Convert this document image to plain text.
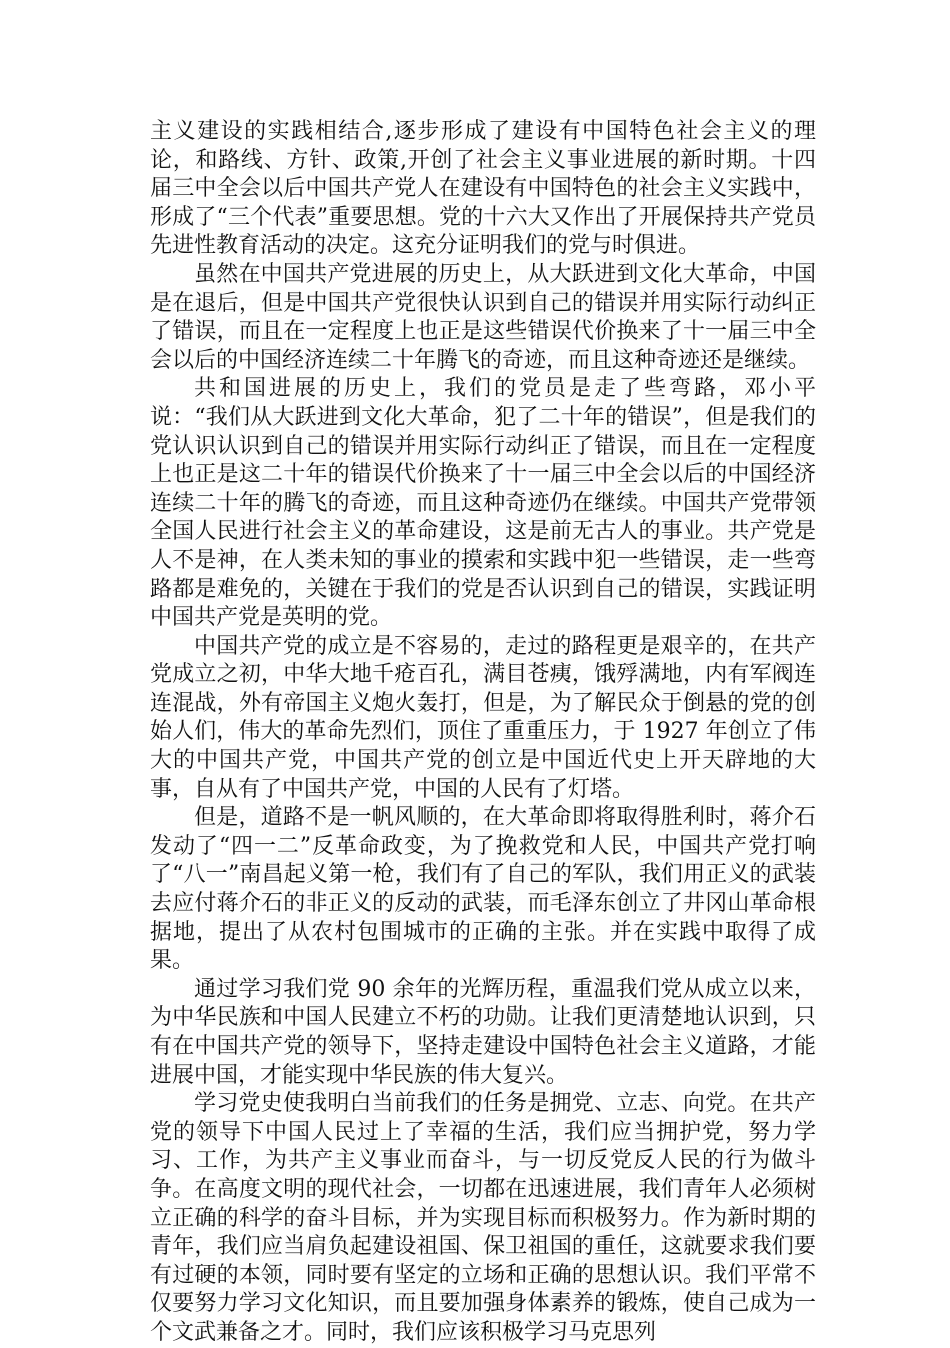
主义建设的实践相结合,逐步形成了建设有中国特色社会主义的理论，和路线、方针、政策,开创了社会主义事业进展的新时期。十四届三中全会以后中国共产党人在建设有中国特色的社会主义实践中，形成了“三个代表”重要思想。党的十六大又作出了开展保持共产党员先进性教育活动的决定。这充分证明我们的党与时俱进。

虽然在中国共产党进展的历史上，从大跃进到文化大革命，中国是在退后，但是中国共产党很快认识到自己的错误并用实际行动纠正了错误，而且在一定程度上也正是这些错误代价换来了十一届三中全会以后的中国经济连续二十年腾飞的奇迹，而且这种奇迹还是继续。

共和国进展的历史上，我们的党员是走了些弯路，邓小平说：“我们从大跃进到文化大革命，犯了二十年的错误”，但是我们的党认识认识到自己的错误并用实际行动纠正了错误，而且在一定程度上也正是这二十年的错误代价换来了十一届三中全会以后的中国经济连续二十年的腾飞的奇迹，而且这种奇迹仍在继续。中国共产党带领全国人民进行社会主义的革命建设，这是前无古人的事业。共产党是人不是神，在人类未知的事业的摸索和实践中犯一些错误，走一些弯路都是难免的，关键在于我们的党是否认识到自己的错误，实践证明中国共产党是英明的党。

中国共产党的成立是不容易的，走过的路程更是艰辛的，在共产党成立之初，中华大地千疮百孔，满目苍痍，饿殍满地，内有军阀连连混战，外有帝国主义炮火轰打，但是，为了解民众于倒悬的党的创始人们，伟大的革命先烈们，顶住了重重压力，于 1927 年创立了伟大的中国共产党，中国共产党的创立是中国近代史上开天辟地的大事，自从有了中国共产党，中国的人民有了灯塔。

但是，道路不是一帆风顺的，在大革命即将取得胜利时，蒋介石发动了“四一二”反革命政变，为了挽救党和人民，中国共产党打响了“八一”南昌起义第一枪，我们有了自己的军队，我们用正义的武装去应付蒋介石的非正义的反动的武装，而毛泽东创立了井冈山革命根据地，提出了从农村包围城市的正确的主张。并在实践中取得了成果。

通过学习我们党 90 余年的光辉历程，重温我们党从成立以来，为中华民族和中国人民建立不朽的功勋。让我们更清楚地认识到，只有在中国共产党的领导下，坚持走建设中国特色社会主义道路，才能进展中国，才能实现中华民族的伟大复兴。

学习党史使我明白当前我们的任务是拥党、立志、向党。在共产党的领导下中国人民过上了幸福的生活，我们应当拥护党，努力学习、工作，为共产主义事业而奋斗，与一切反党反人民的行为做斗争。在高度文明的现代社会，一切都在迅速进展，我们青年人必须树立正确的科学的奋斗目标，并为实现目标而积极努力。作为新时期的青年，我们应当肩负起建设祖国、保卫祖国的重任，这就要求我们要有过硬的本领，同时要有坚定的立场和正确的思想认识。我们平常不仅要努力学习文化知识，而且要加强身体素养的锻炼，使自己成为一个文武兼备之才。同时，我们应该积极学习马克思列
